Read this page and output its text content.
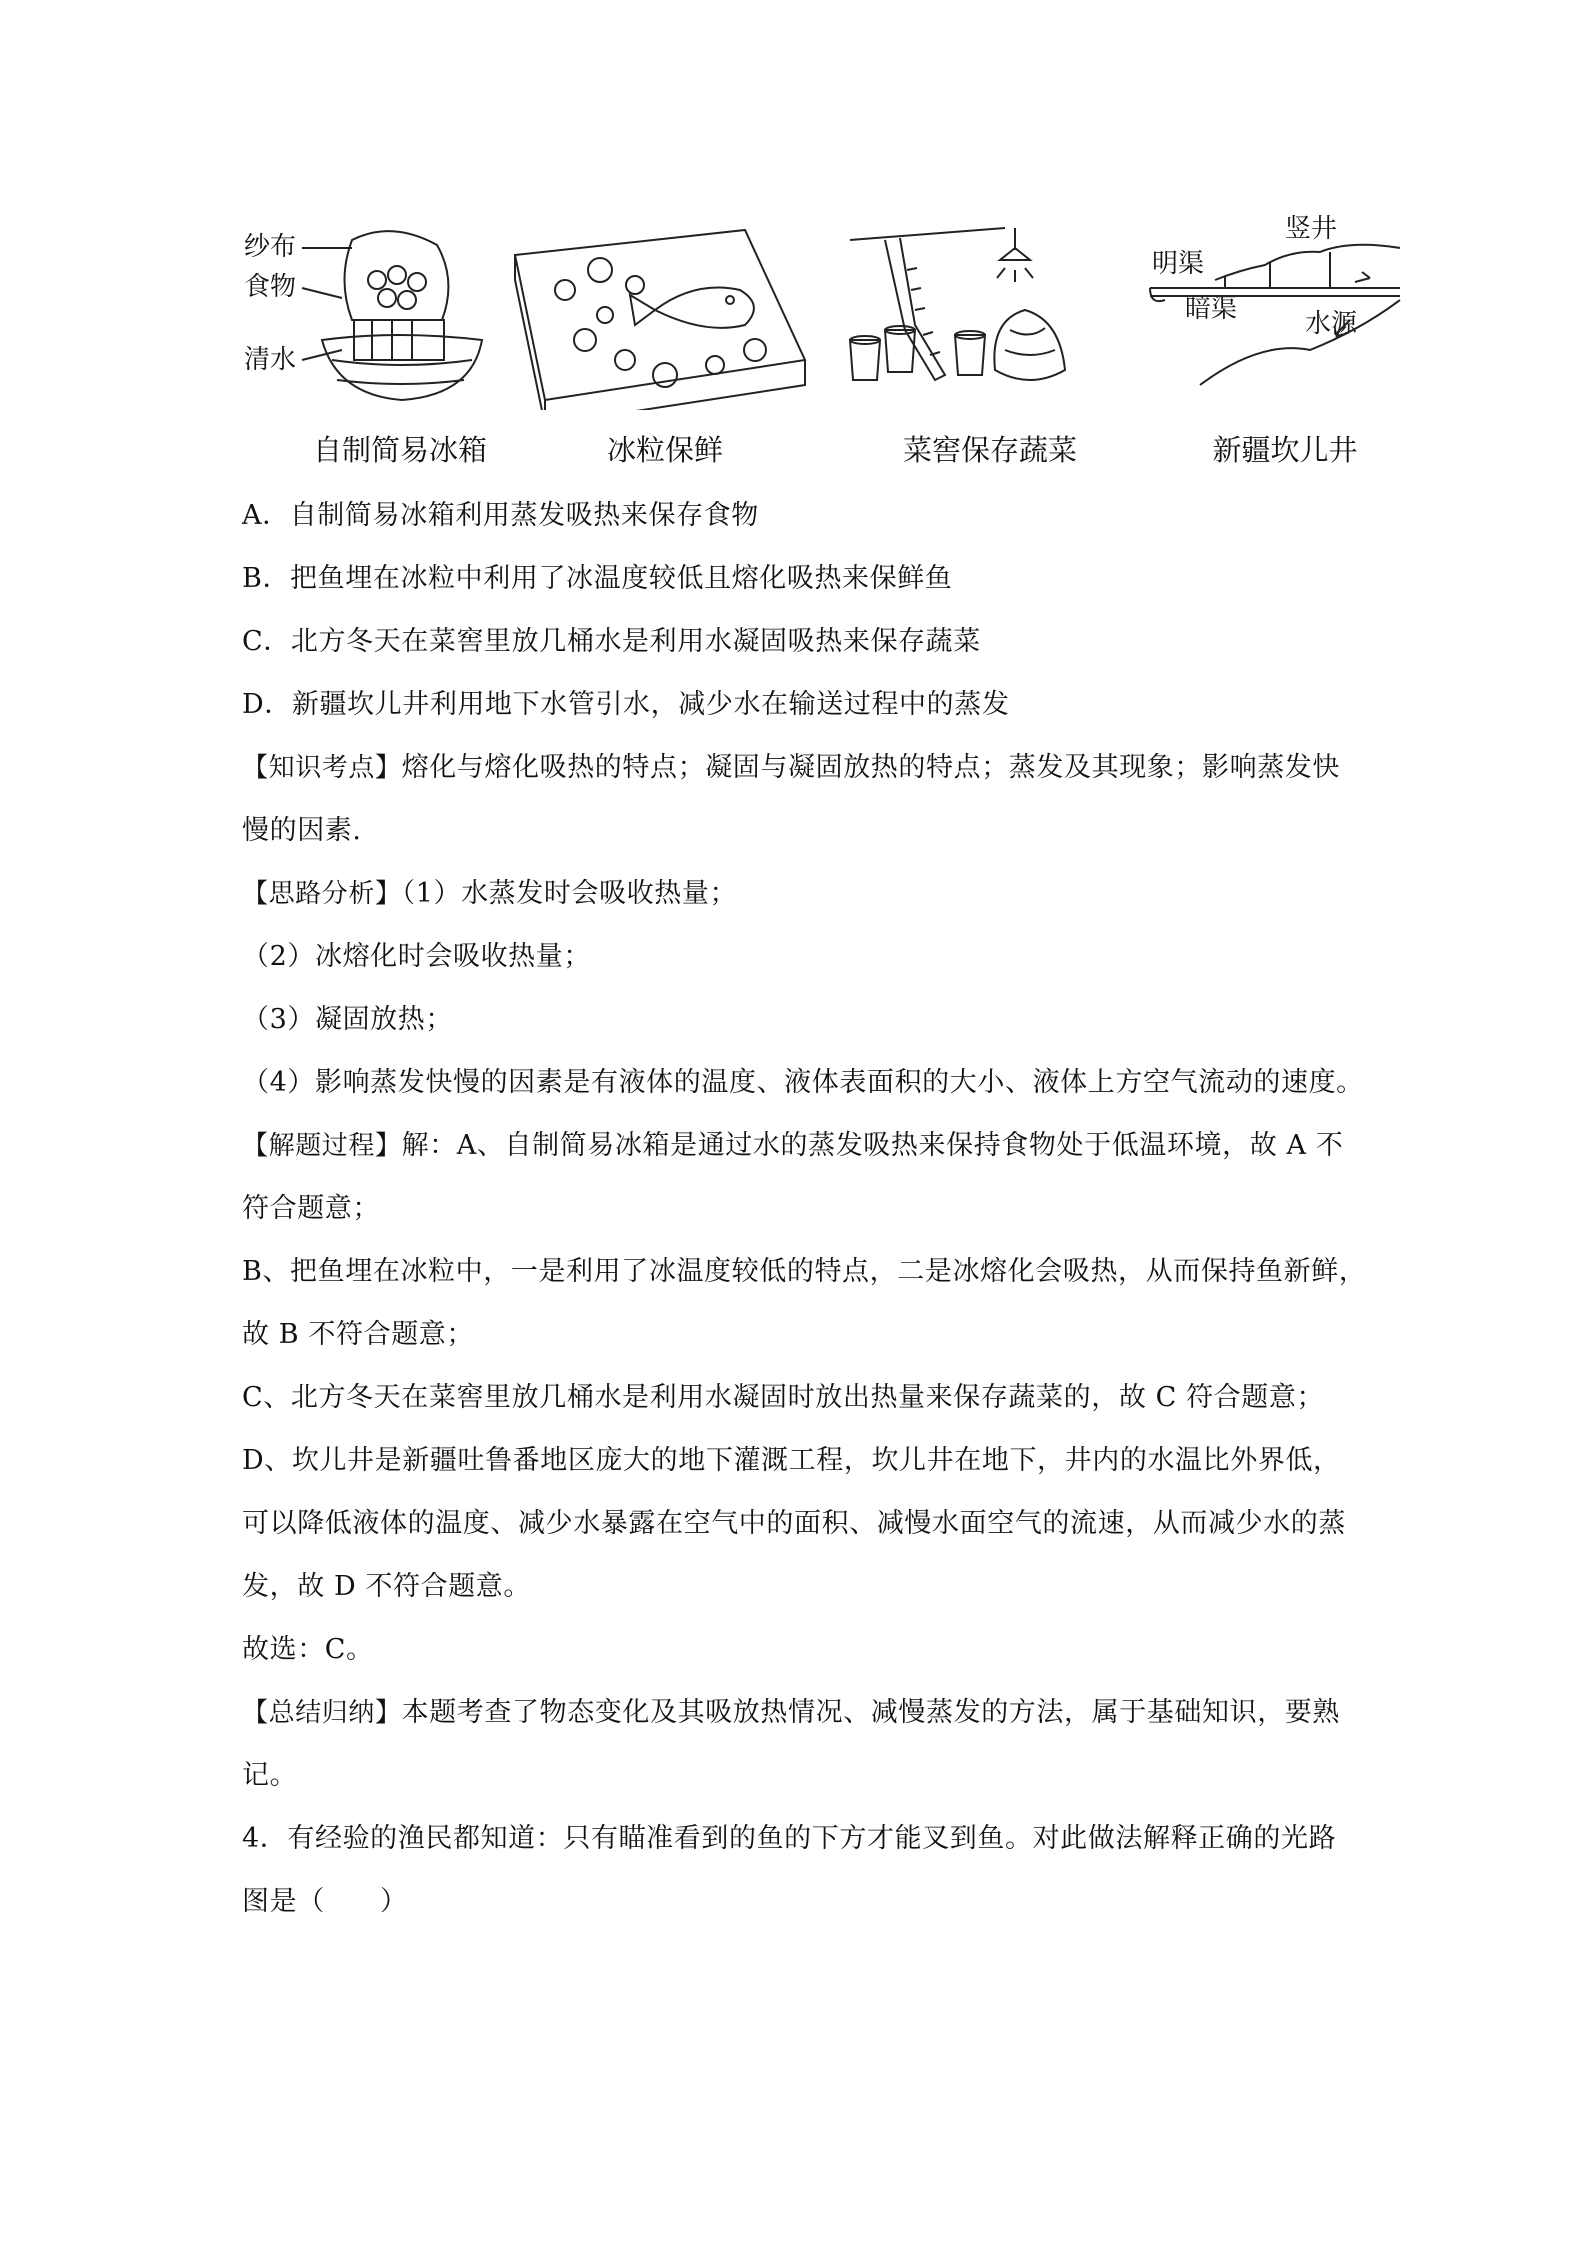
纱布
食物
清水
自制简易冰箱	冰粒保鲜	菜窖保存蔬菜
竖井
明渠
暗渠	水源
新疆坎儿井
A．自制简易冰箱利用蒸发吸热来保存食物
B．把鱼埋在冰粒中利用了冰温度较低且熔化吸热来保鲜鱼
C．北方冬天在菜窖里放几桶水是利用水凝固吸热来保存蔬菜
D．新疆坎儿井利用地下水管引水，减少水在输送过程中的蒸发
【知识考点】熔化与熔化吸热的特点；凝固与凝固放热的特点；蒸发及其现象；影响蒸发快
慢的因素.
【思路分析】（1）水蒸发时会吸收热量；
（2）冰熔化时会吸收热量；
（3）凝固放热；
（4）影响蒸发快慢的因素是有液体的温度、液体表面积的大小、液体上方空气流动的速度。
【解题过程】解：A、自制简易冰箱是通过水的蒸发吸热来保持食物处于低温环境，故 A 不
符合题意；
B、把鱼埋在冰粒中，一是利用了冰温度较低的特点，二是冰熔化会吸热，从而保持鱼新鲜，
故 B 不符合题意；
C、北方冬天在菜窖里放几桶水是利用水凝固时放出热量来保存蔬菜的，故 C 符合题意；
D、坎儿井是新疆吐鲁番地区庞大的地下灌溉工程，坎儿井在地下，井内的水温比外界低，
可以降低液体的温度、减少水暴露在空气中的面积、减慢水面空气的流速，从而减少水的蒸
发，故 D 不符合题意。
故选：C。
【总结归纳】本题考查了物态变化及其吸放热情况、减慢蒸发的方法，属于基础知识，要熟
记。
4．有经验的渔民都知道：只有瞄准看到的鱼的下方才能叉到鱼。对此做法解释正确的光路
图是（　　）
